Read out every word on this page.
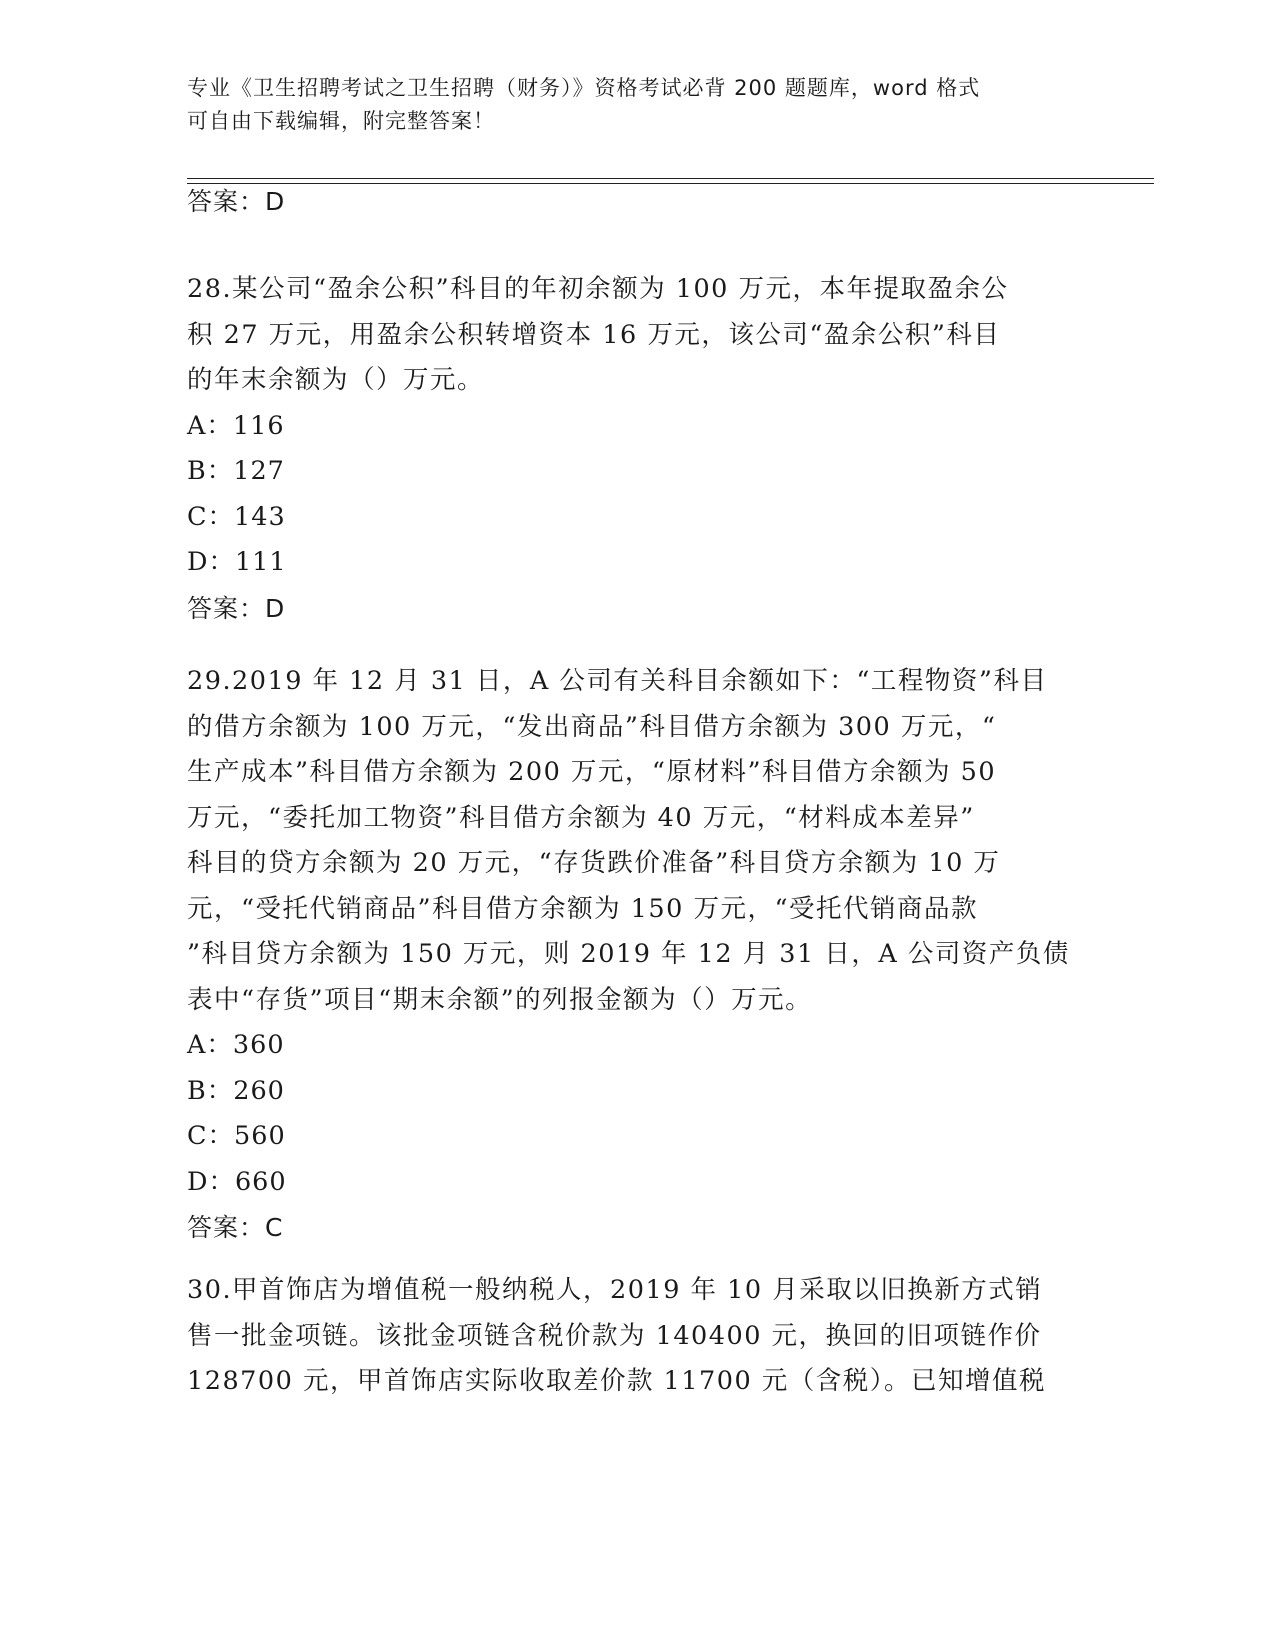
专业《卫生招聘考试之卫生招聘（财务）》资格考试必背 200 题题库，word 格式
可自由下载编辑，附完整答案！
答案：D
28.某公司“盈余公积”科目的年初余额为 100 万元，本年提取盈余公
积 27 万元，用盈余公积转增资本 16 万元，该公司“盈余公积”科目
的年末余额为（）万元。
A：116
B：127
C：143
D：111
答案：D
29.2019 年 12 月 31 日，A 公司有关科目余额如下：“工程物资”科目
的借方余额为 100 万元，“发出商品”科目借方余额为 300 万元，“
生产成本”科目借方余额为 200 万元，“原材料”科目借方余额为 50
万元，“委托加工物资”科目借方余额为 40 万元，“材料成本差异”
科目的贷方余额为 20 万元，“存货跌价准备”科目贷方余额为 10 万
元，“受托代销商品”科目借方余额为 150 万元，“受托代销商品款
”科目贷方余额为 150 万元，则 2019 年 12 月 31 日，A 公司资产负债
表中“存货”项目“期末余额”的列报金额为（）万元。
A：360
B：260
C：560
D：660
答案：C
30.甲首饰店为增值税一般纳税人，2019 年 10 月采取以旧换新方式销
售一批金项链。该批金项链含税价款为 140400 元，换回的旧项链作价
128700 元，甲首饰店实际收取差价款 11700 元（含税）。已知增值税
